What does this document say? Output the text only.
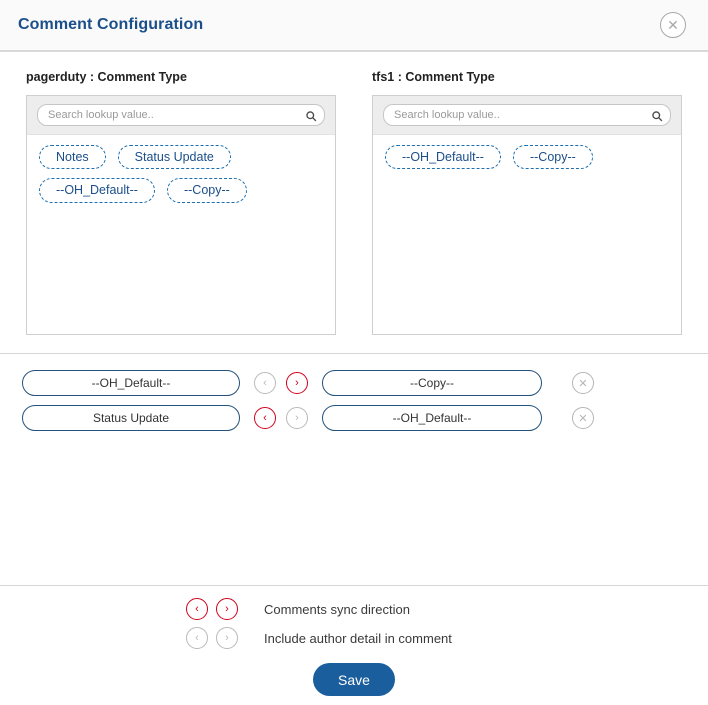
Comment Configuration	✕
pagerduty : Comment Type
Search lookup value..
Notes	Status Update
--OH_Default--	--Copy--
tfs1 : Comment Type
Search lookup value..
--OH_Default--	--Copy--
--OH_Default--	‹	›	--Copy--	✕
Status Update	‹	›	--OH_Default--	✕
‹	›	Comments sync direction
‹	›	Include author detail in comment
Save
